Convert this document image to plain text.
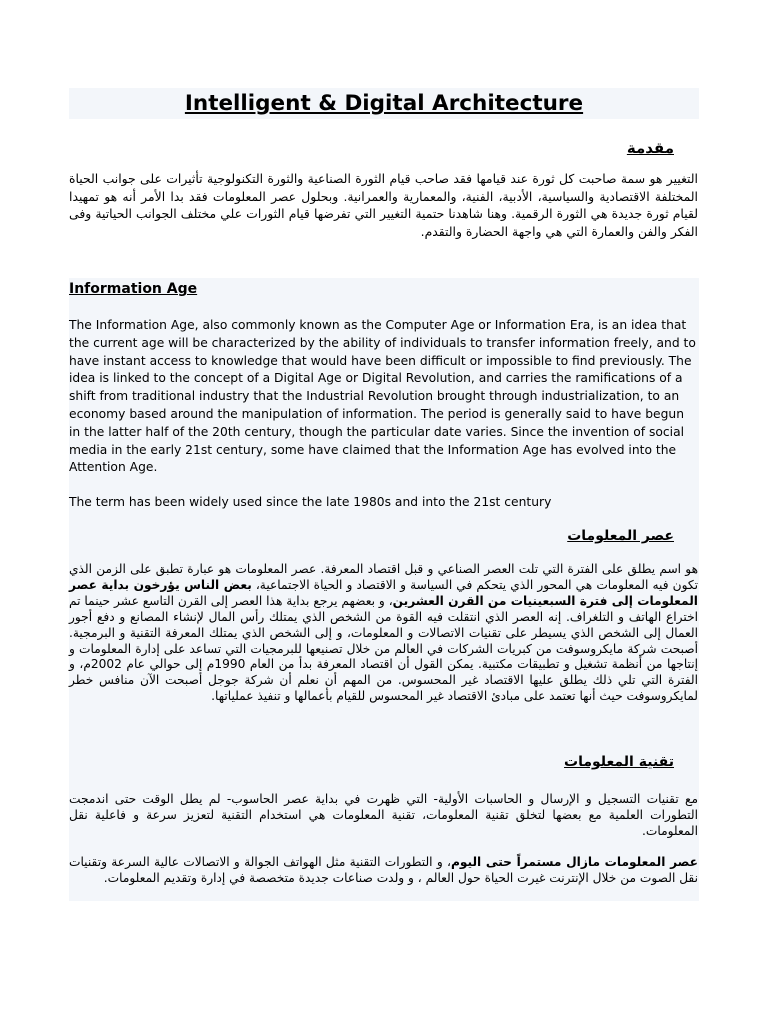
Intelligent & Digital Architecture
مقدمة

التغيير هو سمة صاحبت كل ثورة عند قيامها فقد صاحب قيام الثورة الصناعية والثورة التكنولوجية تأثيرات على جوانب الحياة المختلفة الاقتصادية والسياسية، الأدبية، الفنية، والمعمارية والعمرانية. وبحلول عصر المعلومات فقد بدا الأمر أنه هو تمهيدا لقيام ثورة جديدة هي الثورة الرقمية. وهنا شاهدنا حتمية التغيير التي تفرضها قيام الثورات علي مختلف الجوانب الحياتية وفى الفكر والفن والعمارة التي هي واجهة الحضارة والتقدم.

Information Age

The Information Age, also commonly known as the Computer Age or Information Era, is an idea that the current age will be characterized by the ability of individuals to transfer information freely, and to have instant access to knowledge that would have been difficult or impossible to find previously. The idea is linked to the concept of a Digital Age or Digital Revolution, and carries the ramifications of a shift from traditional industry that the Industrial Revolution brought through industrialization, to an economy based around the manipulation of information. The period is generally said to have begun in the latter half of the 20th century, though the particular date varies. Since the invention of social media in the early 21st century, some have claimed that the Information Age has evolved into the Attention Age.

The term has been widely used since the late 1980s and into the 21st century

عصر المعلومات

هو اسم يطلق على الفترة التي تلت العصر الصناعي و قبل اقتصاد المعرفة. عصر المعلومات هو عبارة تطبق على الزمن الذي تكون فيه المعلومات هي المحور الذي يتحكم في السياسة و الاقتصاد و الحياة الاجتماعية، بعض الناس يؤرخون بداية عصر المعلومات إلى فترة السبعينيات من القرن العشرين، و بعضهم يرجع بداية هذا العصر إلى القرن التاسع عشر حينما تم اختراع الهاتف و التلغراف. إنه العصر الذي انتقلت فيه القوة من الشخص الذي يمتلك رأس المال لإنشاء المصانع و دفع أجور العمال إلى الشخص الذي يسيطر على تقنيات الاتصالات و المعلومات، و إلى الشخص الذي يمتلك المعرفة التقنية و البرمجية. أصبحت شركة مايكروسوفت من كبريات الشركات في العالم من خلال تصنيعها للبرمجيات التي تساعد على إدارة المعلومات و إنتاجها من أنظمة تشغيل و تطبيقات مكتبية. يمكن القول أن اقتصاد المعرفة بدأ من العام 1990م إلى حوالي عام 2002م، و الفترة التي تلي ذلك يطلق عليها الاقتصاد غير المحسوس. من المهم أن نعلم أن شركة جوجل أصبحت الآن منافس خطر لمايكروسوفت حيث أنها تعتمد على مبادئ الاقتصاد غير المحسوس للقيام بأعمالها و تنفيذ عملياتها.

تقنية المعلومات

مع تقنيات التسجيل و الإرسال و الحاسبات الأولية- التي ظهرت في بداية عصر الحاسوب- لم يطل الوقت حتى اندمجت التطورات العلمية مع بعضها لتخلق تقنية المعلومات، تقنية المعلومات هي استخدام التقنية لتعزيز سرعة و فاعلية نقل المعلومات.

عصر المعلومات مازال مستمراً حتى اليوم، و التطورات التقنية مثل الهواتف الجوالة و الاتصالات عالية السرعة وتقنيات نقل الصوت من خلال الإنترنت غيرت الحياة حول العالم ، و ولدت صناعات جديدة متخصصة في إدارة وتقديم المعلومات.
